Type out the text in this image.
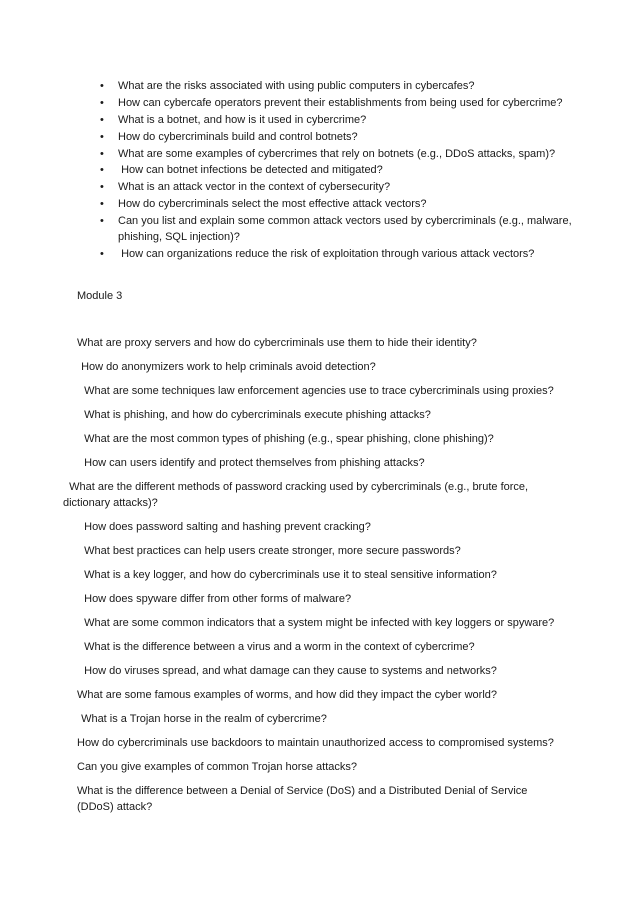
• What are the risks associated with using public computers in cybercafes?
• How can cybercafe operators prevent their establishments from being used for cybercrime?
• What is a botnet, and how is it used in cybercrime?
• How do cybercriminals build and control botnets?
• What are some examples of cybercrimes that rely on botnets (e.g., DDoS attacks, spam)?
• How can botnet infections be detected and mitigated?
• What is an attack vector in the context of cybersecurity?
• How do cybercriminals select the most effective attack vectors?
• Can you list and explain some common attack vectors used by cybercriminals (e.g., malware, phishing, SQL injection)?
• How can organizations reduce the risk of exploitation through various attack vectors?
Module 3
What are proxy servers and how do cybercriminals use them to hide their identity?
How do anonymizers work to help criminals avoid detection?
What are some techniques law enforcement agencies use to trace cybercriminals using proxies?
What is phishing, and how do cybercriminals execute phishing attacks?
What are the most common types of phishing (e.g., spear phishing, clone phishing)?
How can users identify and protect themselves from phishing attacks?
What are the different methods of password cracking used by cybercriminals (e.g., brute force, dictionary attacks)?
How does password salting and hashing prevent cracking?
What best practices can help users create stronger, more secure passwords?
What is a key logger, and how do cybercriminals use it to steal sensitive information?
How does spyware differ from other forms of malware?
What are some common indicators that a system might be infected with key loggers or spyware?
What is the difference between a virus and a worm in the context of cybercrime?
How do viruses spread, and what damage can they cause to systems and networks?
What are some famous examples of worms, and how did they impact the cyber world?
What is a Trojan horse in the realm of cybercrime?
How do cybercriminals use backdoors to maintain unauthorized access to compromised systems?
Can you give examples of common Trojan horse attacks?
What is the difference between a Denial of Service (DoS) and a Distributed Denial of Service (DDoS) attack?
